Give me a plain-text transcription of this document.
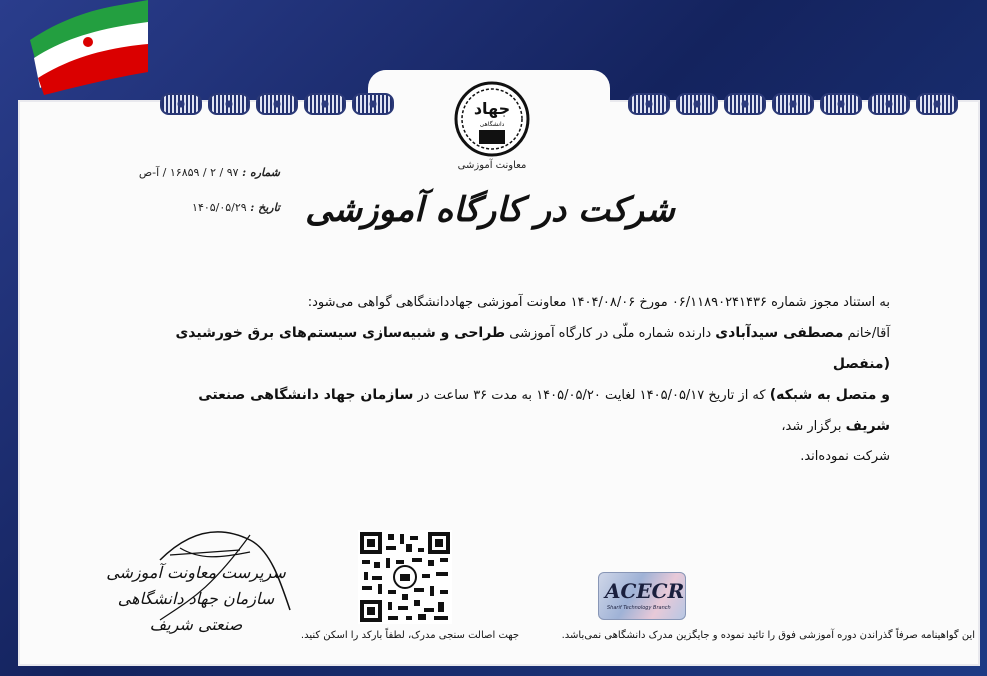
جهاد
دانشگاهی
معاونت آموزشی
شماره : ۹۷ / ۲ / ۱۶۸۵۹ / آ-ص
تاریخ : ۱۴۰۵/۰۵/۲۹	شرکت در کارگاه آموزشی
به استناد مجوز شماره ۰۶/۱۱۸۹۰۲۴۱۴۳۶ مورخ ۱۴۰۴/۰۸/۰۶ معاونت آموزشی جهاددانشگاهی گواهی می‌شود:
آقا/خانم مصطفی سیدآبادی دارنده شماره ملّی در کارگاه آموزشی طراحی و شبیه‌سازی سیستم‌های برق خورشیدی (منفصل
و متصل به شبکه) که از تاریخ ۱۴۰۵/۰۵/۱۷ لغایت ۱۴۰۵/۰۵/۲۰ به مدت ۳۶ ساعت در سازمان جهاد دانشگاهی صنعتی شریف برگزار شد،
شرکت نموده‌اند.
سرپرست معاونت آموزشی سازمان جهاد دانشگاهی
صنعتی شریف
جهت اصالت سنجی مدرک، لطفاً بارکد را اسکن کنید.
ACECR
Sharif Technology Branch
این گواهینامه صرفاً گذراندن دوره آموزشی فوق را تائید نموده و جایگزین مدرک دانشگاهی نمی‌باشد.
